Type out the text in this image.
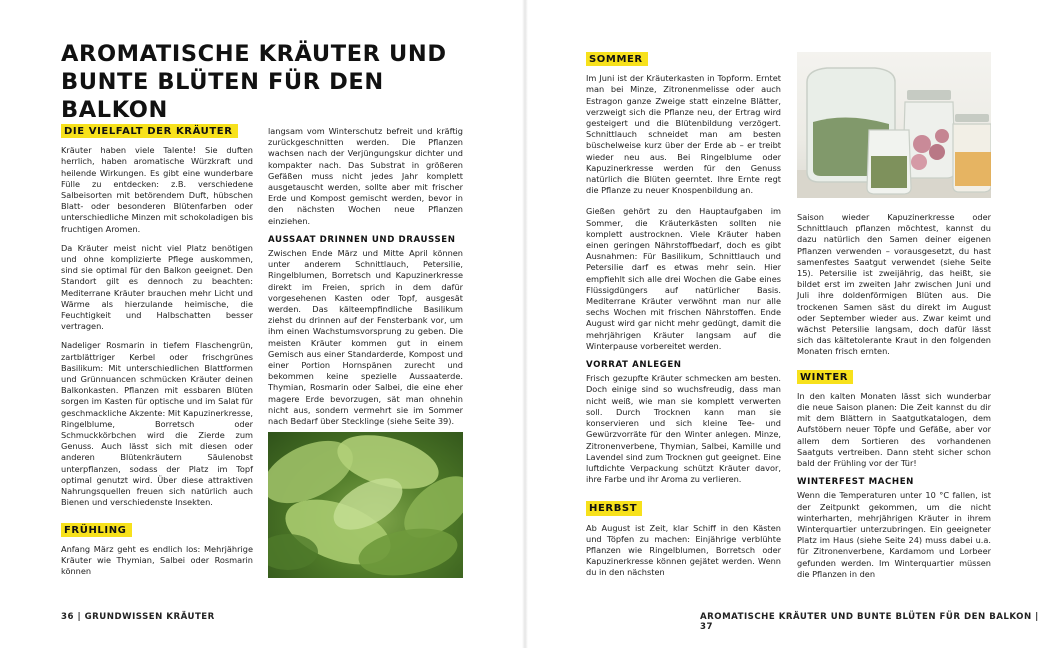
AROMATISCHE KRÄUTER UND BUNTE BLÜTEN FÜR DEN BALKON
DIE VIELFALT DER KRÄUTER

Kräuter haben viele Talente! Sie duften herrlich, haben aromatische Würzkraft und heilende Wirkungen. Es gibt eine wunderbare Fülle zu entdecken: z.B. verschiedene Salbeisorten mit betörendem Duft, hübschen Blatt- oder besonderen Blütenfarben oder unterschiedliche Minzen mit schokoladigen bis fruchtigen Aromen.

Da Kräuter meist nicht viel Platz benötigen und ohne komplizierte Pflege auskommen, sind sie optimal für den Balkon geeignet. Den Standort gilt es dennoch zu beachten: Mediterrane Kräuter brauchen mehr Licht und Wärme als hierzulande heimische, die Feuchtigkeit und Halbschatten besser vertragen.

Nadeliger Rosmarin in tiefem Flaschengrün, zartblättriger Kerbel oder frischgrünes Basilikum: Mit unterschiedlichen Blattformen und Grünnuancen schmücken Kräuter deinen Balkonkasten. Pflanzen mit essbaren Blüten sorgen im Kasten für optische und im Salat für geschmackliche Akzente: Mit Kapuzinerkresse, Ringelblume, Borretsch oder Schmuckkörbchen wird die Zierde zum Genuss. Auch lässt sich mit diesen oder anderen Blütenkräutern Säulenobst unterpflanzen, sodass der Platz im Topf optimal genutzt wird. Über diese attraktiven Nahrungsquellen freuen sich natürlich auch Bienen und verschiedenste Insekten.

FRÜHLING

Anfang März geht es endlich los: Mehrjährige Kräuter wie Thymian, Salbei oder Rosmarin können

langsam vom Winterschutz befreit und kräftig zurückgeschnitten werden. Die Pflanzen wachsen nach der Verjüngungskur dichter und kompakter nach. Das Substrat in größeren Gefäßen muss nicht jedes Jahr komplett ausgetauscht werden, sollte aber mit frischer Erde und Kompost gemischt werden, bevor in den nächsten Wochen neue Pflanzen einziehen.

AUSSAAT DRINNEN UND DRAUSSEN

Zwischen Ende März und Mitte April können unter anderem Schnittlauch, Petersilie, Ringelblumen, Borretsch und Kapuzinerkresse direkt im Freien, sprich in dem dafür vorgesehenen Kasten oder Topf, ausgesät werden. Das kälteempfindliche Basilikum ziehst du drinnen auf der Fensterbank vor, um ihm einen Wachstumsvorsprung zu geben. Die meisten Kräuter kommen gut in einem Gemisch aus einer Standarderde, Kompost und einer Portion Hornspänen zurecht und bekommen keine spezielle Aussaaterde. Thymian, Rosmarin oder Salbei, die eine eher magere Erde bevorzugen, sät man ohnehin nicht aus, sondern vermehrt sie im Sommer nach Bedarf über Stecklinge (siehe Seite 39).

SOMMER

Im Juni ist der Kräuterkasten in Topform. Erntet man bei Minze, Zitronenmelisse oder auch Estragon ganze Zweige statt einzelne Blätter, verzweigt sich die Pflanze neu, der Ertrag wird gesteigert und die Blütenbildung verzögert. Schnittlauch schneidet man am besten büschelweise kurz über der Erde ab – er treibt wieder neu aus. Bei Ringelblume oder Kapuzinerkresse werden für den Genuss natürlich die Blüten geerntet. Ihre Ernte regt die Pflanze zu neuer Knospenbildung an.

Gießen gehört zu den Hauptaufgaben im Sommer, die Kräuterkästen sollten nie komplett austrocknen. Viele Kräuter haben einen geringen Nährstoffbedarf, doch es gibt Ausnahmen: Für Basilikum, Schnittlauch und Petersilie darf es etwas mehr sein. Hier empfiehlt sich alle drei Wochen die Gabe eines Flüssigdüngers auf natürlicher Basis. Mediterrane Kräuter verwöhnt man nur alle sechs Wochen mit frischen Nährstoffen. Ende August wird gar nicht mehr gedüngt, damit die mehrjährigen Kräuter langsam auf die Winterpause vorbereitet werden.

VORRAT ANLEGEN

Frisch gezupfte Kräuter schmecken am besten. Doch einige sind so wuchsfreudig, dass man nicht weiß, wie man sie komplett verwerten soll. Durch Trocknen kann man sie konservieren und sich kleine Tee- und Gewürzvorräte für den Winter anlegen. Minze, Zitronenverbene, Thymian, Salbei, Kamille und Lavendel sind zum Trocknen gut geeignet. Eine luftdichte Verpackung schützt Kräuter davor, ihre Farbe und ihr Aroma zu verlieren.

HERBST

Ab August ist Zeit, klar Schiff in den Kästen und Töpfen zu machen: Einjährige verblühte Pflanzen wie Ringelblumen, Borretsch oder Kapuzinerkresse können gejätet werden. Wenn du in den nächsten

Saison wieder Kapuzinerkresse oder Schnittlauch pflanzen möchtest, kannst du dazu natürlich den Samen deiner eigenen Pflanzen verwenden – vorausgesetzt, du hast samenfestes Saatgut verwendet (siehe Seite 15). Petersilie ist zweijährig, das heißt, sie bildet erst im zweiten Jahr zwischen Juni und Juli ihre doldenförmigen Blüten aus. Die trockenen Samen säst du direkt im August oder September wieder aus. Zwar keimt und wächst Petersilie langsam, doch dafür lässt sich das kältetolerante Kraut in den folgenden Monaten frisch ernten.

WINTER

In den kalten Monaten lässt sich wunderbar die neue Saison planen: Die Zeit kannst du dir mit dem Blättern in Saatgutkatalogen, dem Aufstöbern neuer Töpfe und Gefäße, aber vor allem dem Sortieren des vorhandenen Saatguts vertreiben. Dann steht sicher schon bald der Frühling vor der Tür!

WINTERFEST MACHEN

Wenn die Temperaturen unter 10 °C fallen, ist der Zeitpunkt gekommen, um die nicht winterharten, mehrjährigen Kräuter in ihrem Winterquartier unterzubringen. Ein geeigneter Platz im Haus (siehe Seite 24) muss dabei u.a. für Zitronenverbene, Kardamom und Lorbeer gefunden werden. Im Winterquartier müssen die Pflanzen in den

36 | GRUNDWISSEN KRÄUTER	AROMATISCHE KRÄUTER UND BUNTE BLÜTEN FÜR DEN BALKON | 37
